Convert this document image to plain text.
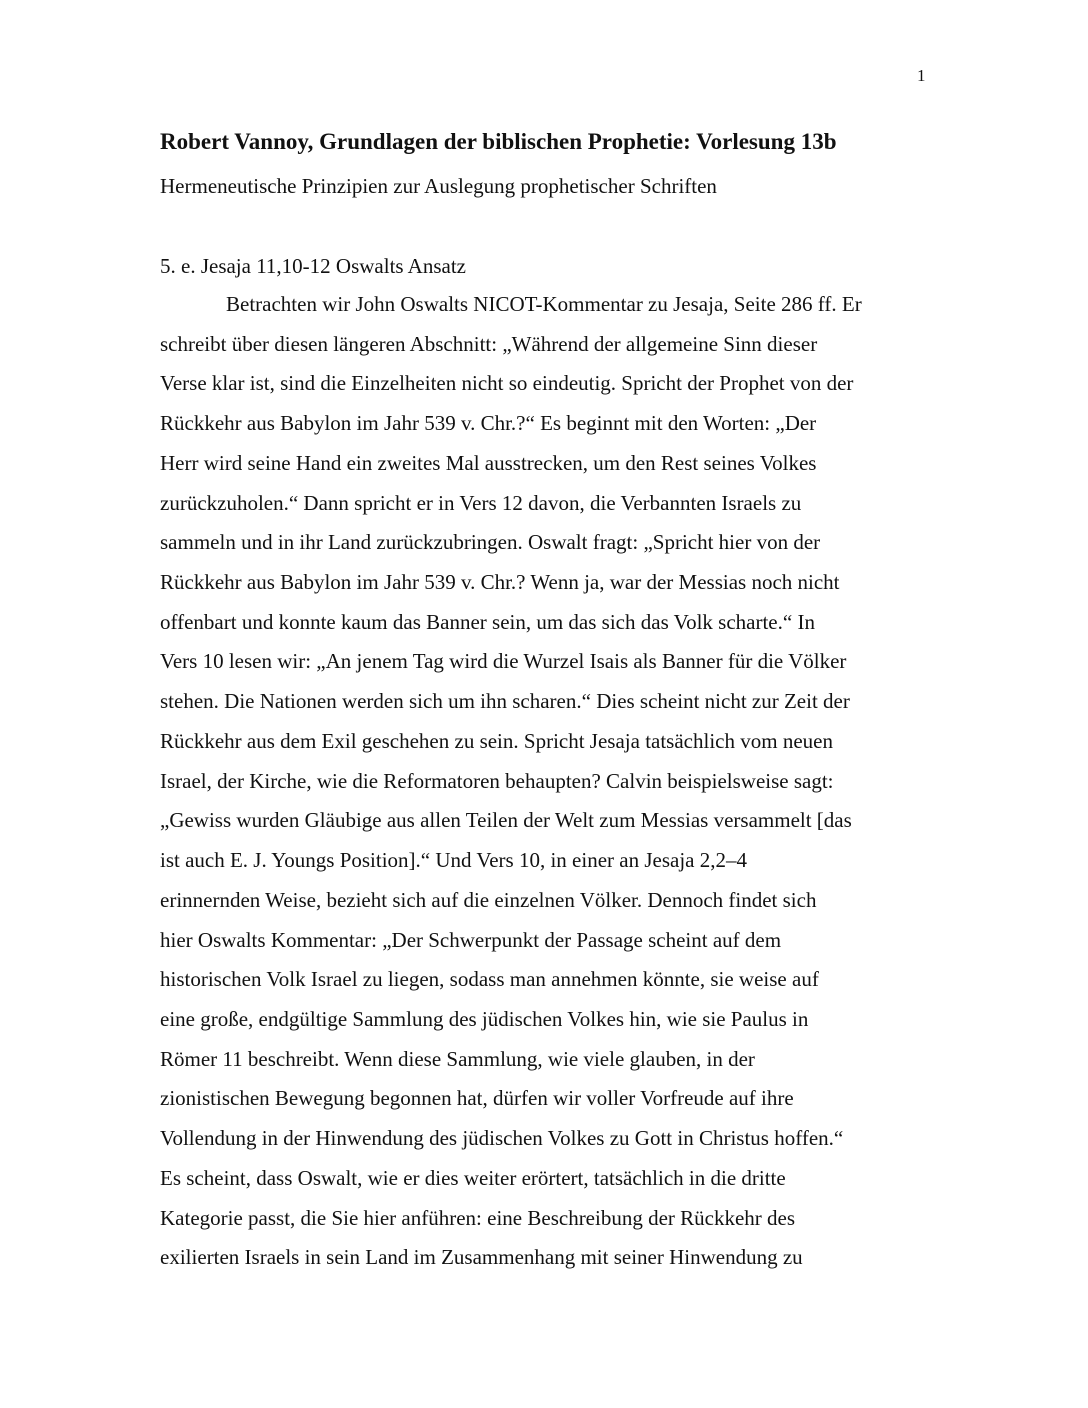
1
Robert Vannoy, Grundlagen der biblischen Prophetie: Vorlesung 13b
Hermeneutische Prinzipien zur Auslegung prophetischer Schriften
5. e. Jesaja 11,10-12 Oswalts Ansatz
Betrachten wir John Oswalts NICOT-Kommentar zu Jesaja, Seite 286 ff. Er
schreibt über diesen längeren Abschnitt: „Während der allgemeine Sinn dieser
Verse klar ist, sind die Einzelheiten nicht so eindeutig. Spricht der Prophet von der
Rückkehr aus Babylon im Jahr 539 v. Chr.?“ Es beginnt mit den Worten: „Der
Herr wird seine Hand ein zweites Mal ausstrecken, um den Rest seines Volkes
zurückzuholen.“ Dann spricht er in Vers 12 davon, die Verbannten Israels zu
sammeln und in ihr Land zurückzubringen. Oswalt fragt: „Spricht hier von der
Rückkehr aus Babylon im Jahr 539 v. Chr.? Wenn ja, war der Messias noch nicht
offenbart und konnte kaum das Banner sein, um das sich das Volk scharte.“ In
Vers 10 lesen wir: „An jenem Tag wird die Wurzel Isais als Banner für die Völker
stehen. Die Nationen werden sich um ihn scharen.“ Dies scheint nicht zur Zeit der
Rückkehr aus dem Exil geschehen zu sein. Spricht Jesaja tatsächlich vom neuen
Israel, der Kirche, wie die Reformatoren behaupten? Calvin beispielsweise sagt:
„Gewiss wurden Gläubige aus allen Teilen der Welt zum Messias versammelt [das
ist auch E. J. Youngs Position].“ Und Vers 10, in einer an Jesaja 2,2–4
erinnernden Weise, bezieht sich auf die einzelnen Völker. Dennoch findet sich
hier Oswalts Kommentar: „Der Schwerpunkt der Passage scheint auf dem
historischen Volk Israel zu liegen, sodass man annehmen könnte, sie weise auf
eine große, endgültige Sammlung des jüdischen Volkes hin, wie sie Paulus in
Römer 11 beschreibt. Wenn diese Sammlung, wie viele glauben, in der
zionistischen Bewegung begonnen hat, dürfen wir voller Vorfreude auf ihre
Vollendung in der Hinwendung des jüdischen Volkes zu Gott in Christus hoffen.“
Es scheint, dass Oswalt, wie er dies weiter erörtert, tatsächlich in die dritte
Kategorie passt, die Sie hier anführen: eine Beschreibung der Rückkehr des
exilierten Israels in sein Land im Zusammenhang mit seiner Hinwendung zu
